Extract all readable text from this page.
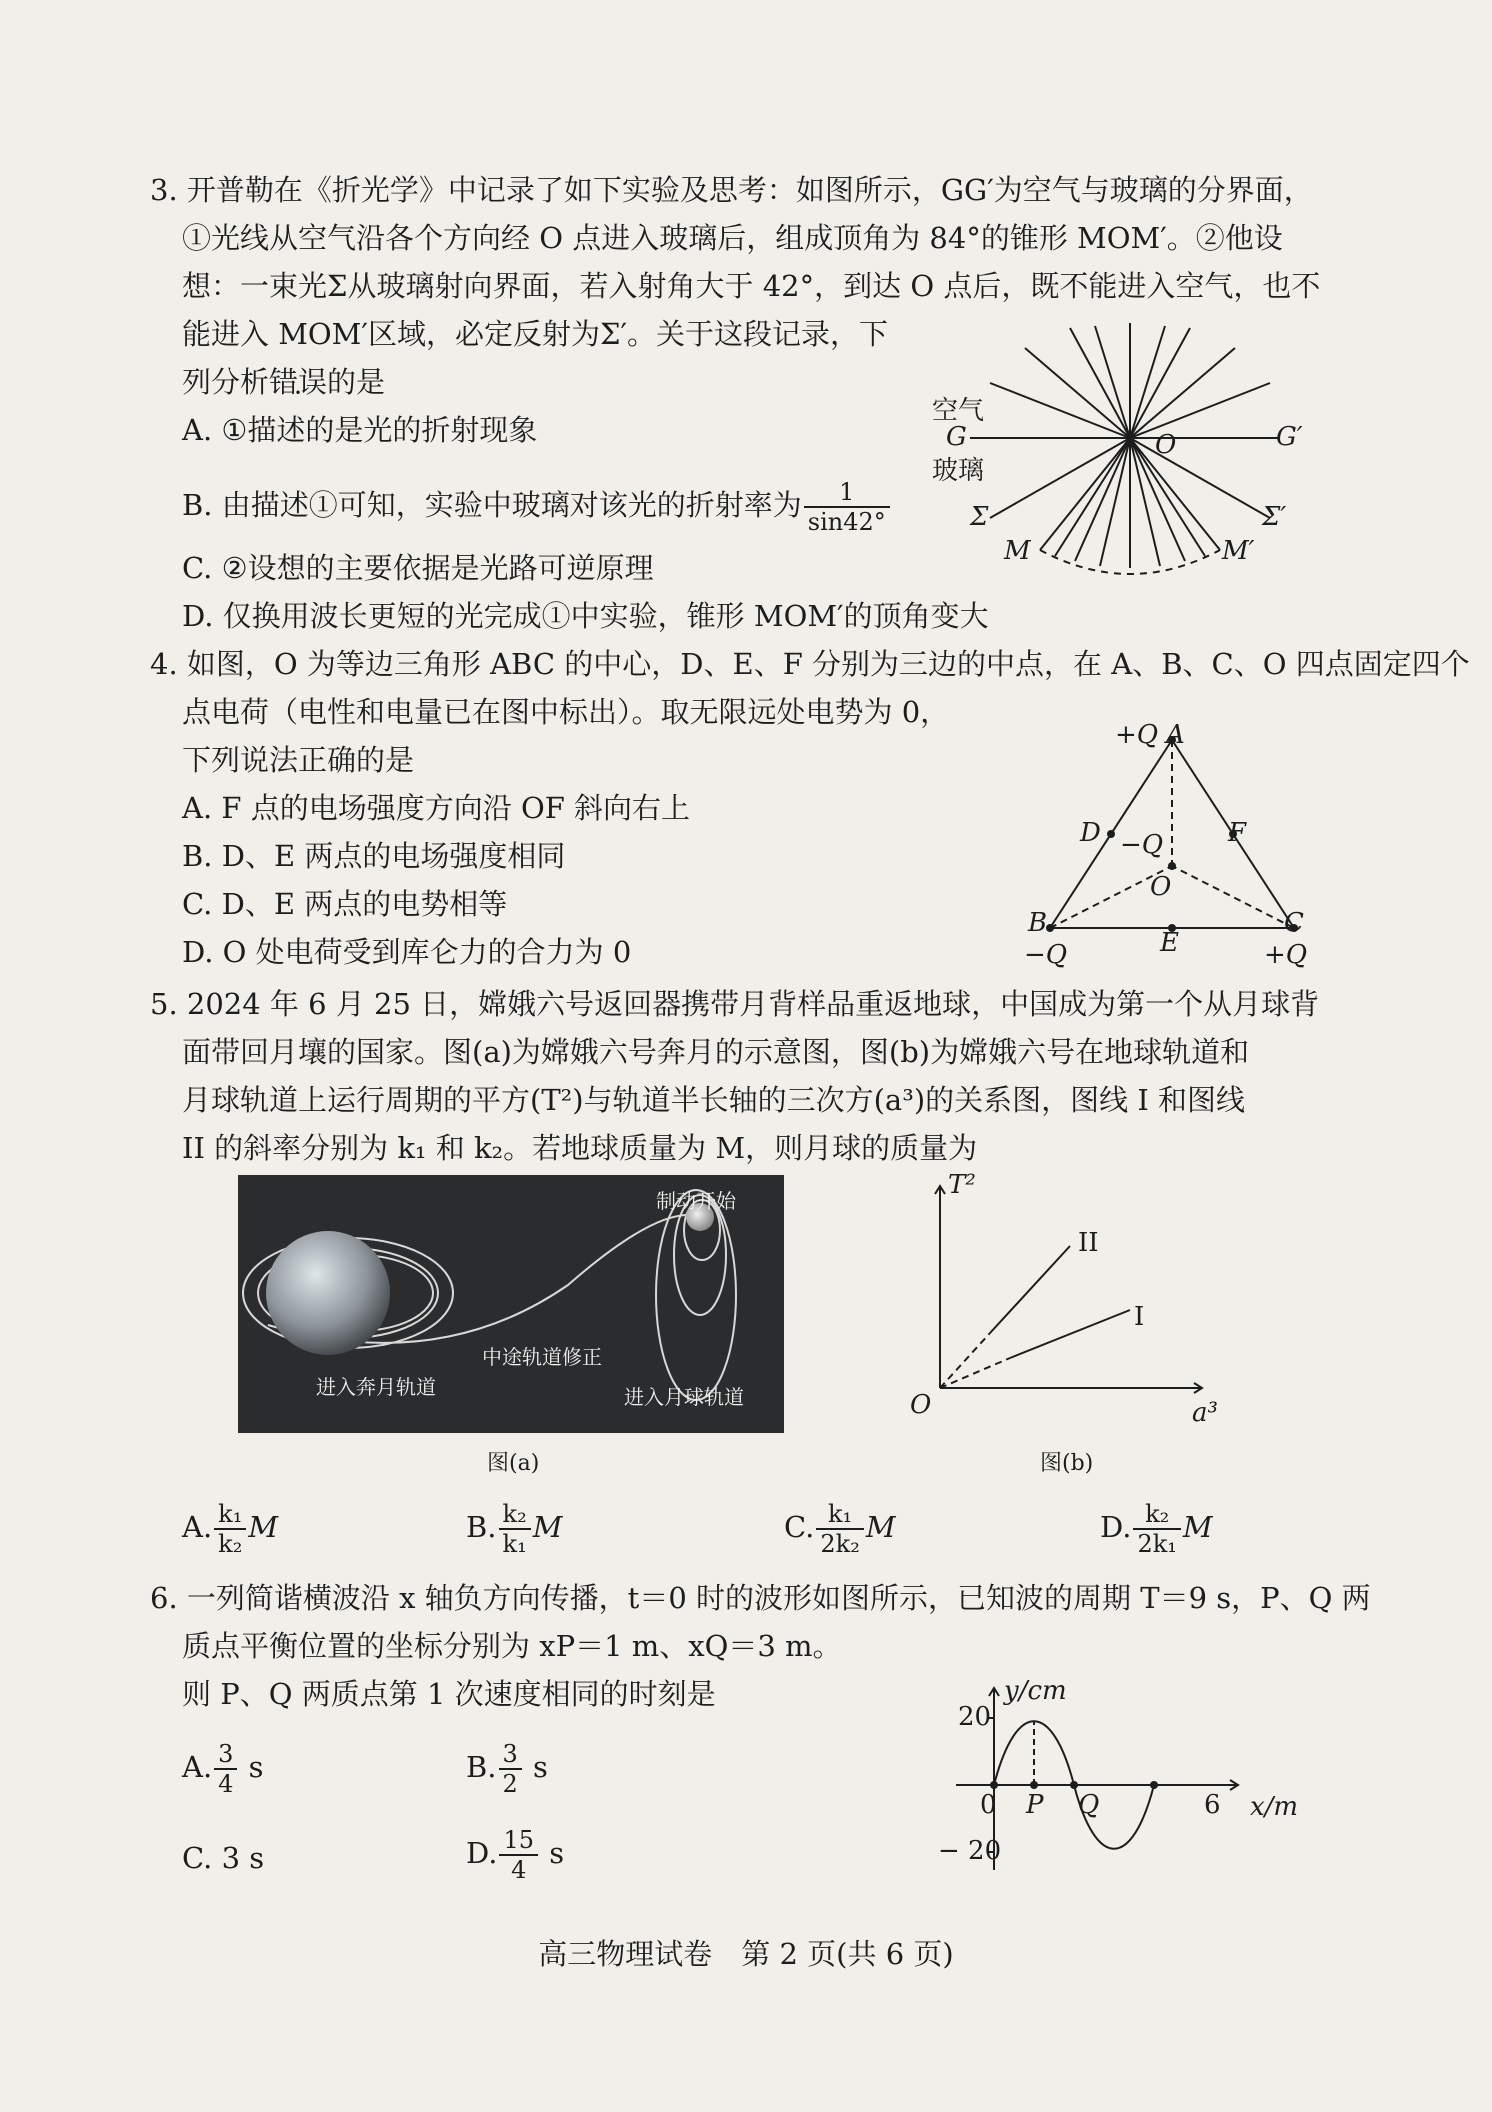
3. 开普勒在《折光学》中记录了如下实验及思考：如图所示，GG′为空气与玻璃的分界面，
①光线从空气沿各个方向经 O 点进入玻璃后，组成顶角为 84°的锥形 MOM′。②他设
想：一束光Σ从玻璃射向界面，若入射角大于 42°，到达 O 点后，既不能进入空气，也不
能进入 MOM′区域，必定反射为Σ′。关于这段记录，下
列分析错误的是
A. ①描述的是光的折射现象
B. 由描述①可知，实验中玻璃对该光的折射率为 $\frac{1}{\sin 42^\circ}$
C. ②设想的主要依据是光路可逆原理
D. 仅换用波长更短的光完成①中实验，锥形 MOM′的顶角变大
空气
G
玻璃
O	G′
Σ	Σ′
M	M′
4. 如图，O 为等边三角形 ABC 的中心，D、E、F 分别为三边的中点，在 A、B、C、O 四点固定四个
点电荷（电性和电量已在图中标出）。取无限远处电势为 0，
下列说法正确的是
A. F 点的电场强度方向沿 OF 斜向右上
B. D、E 两点的电场强度相同
C. D、E 两点的电势相等
D. O 处电荷受到库仑力的合力为 0
+Q A
D	F
−Q
O
B	C
E
−Q	+Q
5. 2024 年 6 月 25 日，嫦娥六号返回器携带月背样品重返地球，中国成为第一个从月球背
面带回月壤的国家。图(a)为嫦娥六号奔月的示意图，图(b)为嫦娥六号在地球轨道和
月球轨道上运行周期的平方(T²)与轨道半长轴的三次方(a³)的关系图，图线 I 和图线
II 的斜率分别为 k₁ 和 k₂。若地球质量为 M，则月球的质量为
制动开始
进入奔月轨道
中途轨道修正
进入月球轨道
图(a)
T²
a³
O
II
I
图(b)
A. $\frac{\text{k₁}}{\text{k₂}}$ M	B. $\frac{\text{k₂}}{\text{k₁}}$ M	C. $\frac{\text{k₁}}{\text{2k₂}}$ M	D. $\frac{\text{k₂}}{\text{2k₁}}$ M
6. 一列简谐横波沿 x 轴负方向传播，t＝0 时的波形如图所示，已知波的周期 T＝9 s，P、Q 两
质点平衡位置的坐标分别为 xP＝1 m、xQ＝3 m。
则 P、Q 两质点第 1 次速度相同的时刻是
A. $\frac{3}{4}$ s	B. $\frac{3}{2}$ s
C. 3 s	D. $\frac{15}{4}$ s
y/cm
20
0 P Q	6 x/m
− 20
高三物理试卷　第 2 页(共 6 页)
